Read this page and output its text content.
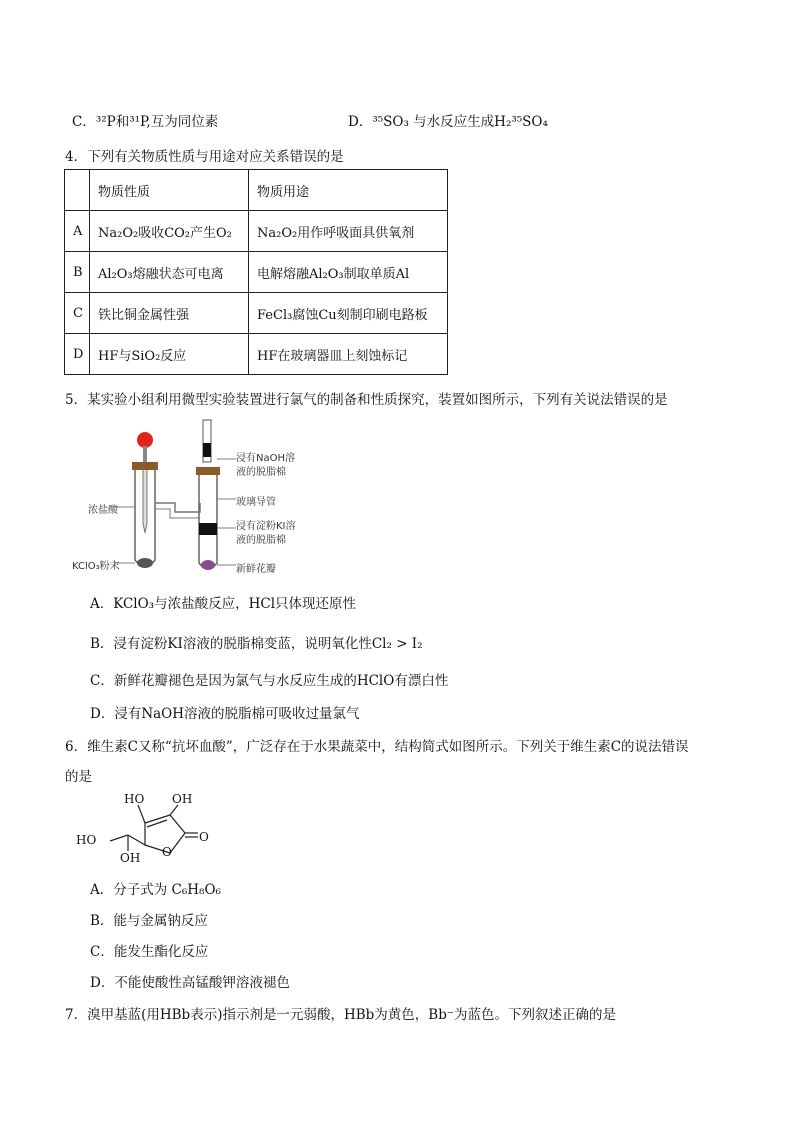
C．³²P和³¹P,互为同位素	D．³⁵SO₃ 与水反应生成H₂³⁵SO₄
4．下列有关物质性质与用途对应关系错误的是
	物质性质	物质用途
A	Na₂O₂吸收CO₂产生O₂	Na₂O₂用作呼吸面具供氧剂
B	Al₂O₃熔融状态可电离	电解熔融Al₂O₃制取单质Al
C	铁比铜金属性强	FeCl₃腐蚀Cu刻制印刷电路板
D	HF与SiO₂反应	HF在玻璃器皿上刻蚀标记
5．某实验小组利用微型实验装置进行氯气的制备和性质探究，装置如图所示，下列有关说法错误的是
浸有NaOH溶
液的脱脂棉
玻璃导管
浸有淀粉KI溶
液的脱脂棉
新鲜花瓣
浓盐酸
KClO₃粉末
A．KClO₃与浓盐酸反应，HCl只体现还原性
B．浸有淀粉KI溶液的脱脂棉变蓝，说明氧化性Cl₂ > I₂
C．新鲜花瓣褪色是因为氯气与水反应生成的HClO有漂白性
D．浸有NaOH溶液的脱脂棉可吸收过量氯气
6．维生素C又称“抗坏血酸”，广泛存在于水果蔬菜中，结构简式如图所示。下列关于维生素C的说法错误
的是
HO OH
HO
OH O
O
A．分子式为 C₆H₈O₆
B．能与金属钠反应
C．能发生酯化反应
D．不能使酸性高锰酸钾溶液褪色
7．溴甲基蓝(用HBb表示)指示剂是一元弱酸，HBb为黄色，Bb⁻为蓝色。下列叙述正确的是
